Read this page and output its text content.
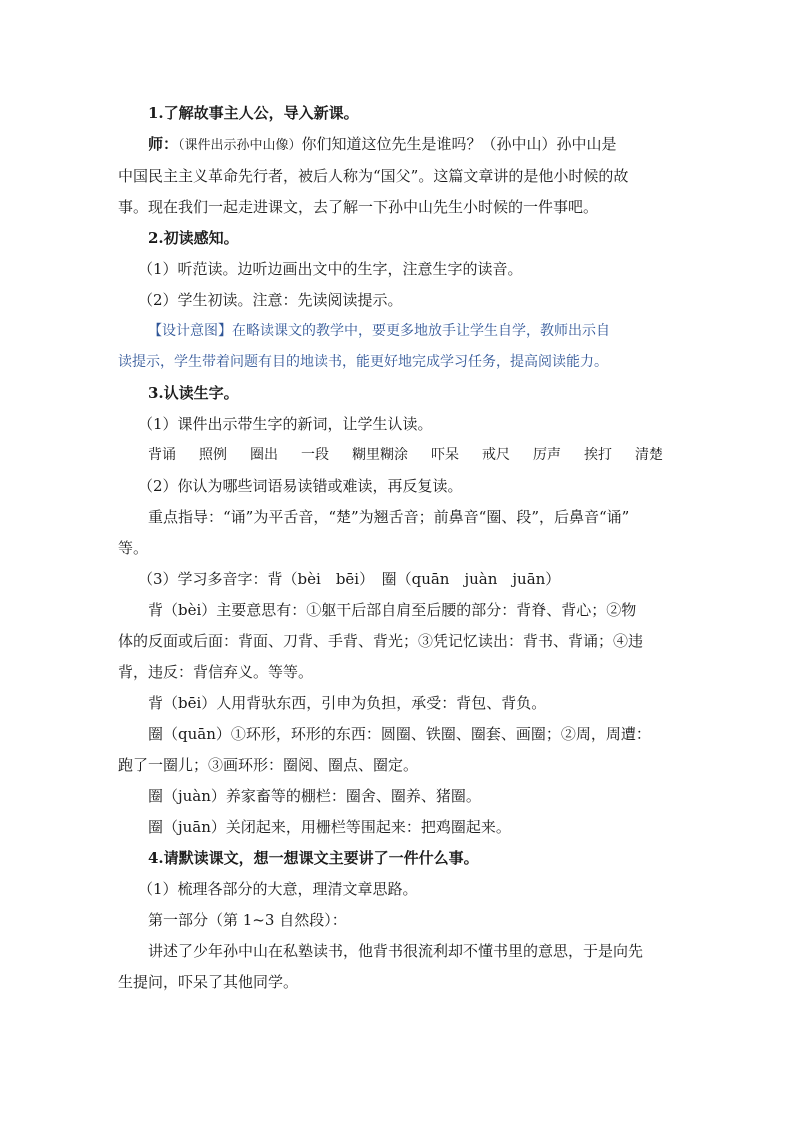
1.了解故事主人公，导入新课。

师：（课件出示孙中山像）你们知道这位先生是谁吗？（孙中山）孙中山是

中国民主主义革命先行者，被后人称为“国父”。这篇文章讲的是他小时候的故

事。现在我们一起走进课文，去了解一下孙中山先生小时候的一件事吧。

2.初读感知。

（1）听范读。边听边画出文中的生字，注意生字的读音。

（2）学生初读。注意：先读阅读提示。

【设计意图】在略读课文的教学中，要更多地放手让学生自学，教师出示自

读提示，学生带着问题有目的地读书，能更好地完成学习任务，提高阅读能力。

3.认读生字。

（1）课件出示带生字的新词，让学生认读。

背诵 照例 圈出 一段 糊里糊涂 吓呆 戒尺 厉声 挨打 清楚

（2）你认为哪些词语易读错或难读，再反复读。

重点指导：“诵”为平舌音，“楚”为翘舌音；前鼻音“圈、段”，后鼻音“诵”

等。

（3）学习多音字：背（bèi　bēi）　圈（quān　juàn　juān）

背（bèi）主要意思有：①躯干后部自肩至后腰的部分：背脊、背心；②物

体的反面或后面：背面、刀背、手背、背光；③凭记忆读出：背书、背诵；④违

背，违反：背信弃义。等等。

背（bēi）人用背驮东西，引申为负担，承受：背包、背负。

圈（quān）①环形，环形的东西：圆圈、铁圈、圈套、画圈；②周，周遭：

跑了一圈儿；③画环形：圈阅、圈点、圈定。

圈（juàn）养家畜等的棚栏：圈舍、圈养、猪圈。

圈（juān）关闭起来，用栅栏等围起来：把鸡圈起来。

4.请默读课文，想一想课文主要讲了一件什么事。

（1）梳理各部分的大意，理清文章思路。

第一部分（第 1~3 自然段）：

讲述了少年孙中山在私塾读书，他背书很流利却不懂书里的意思，于是向先

生提问，吓呆了其他同学。
